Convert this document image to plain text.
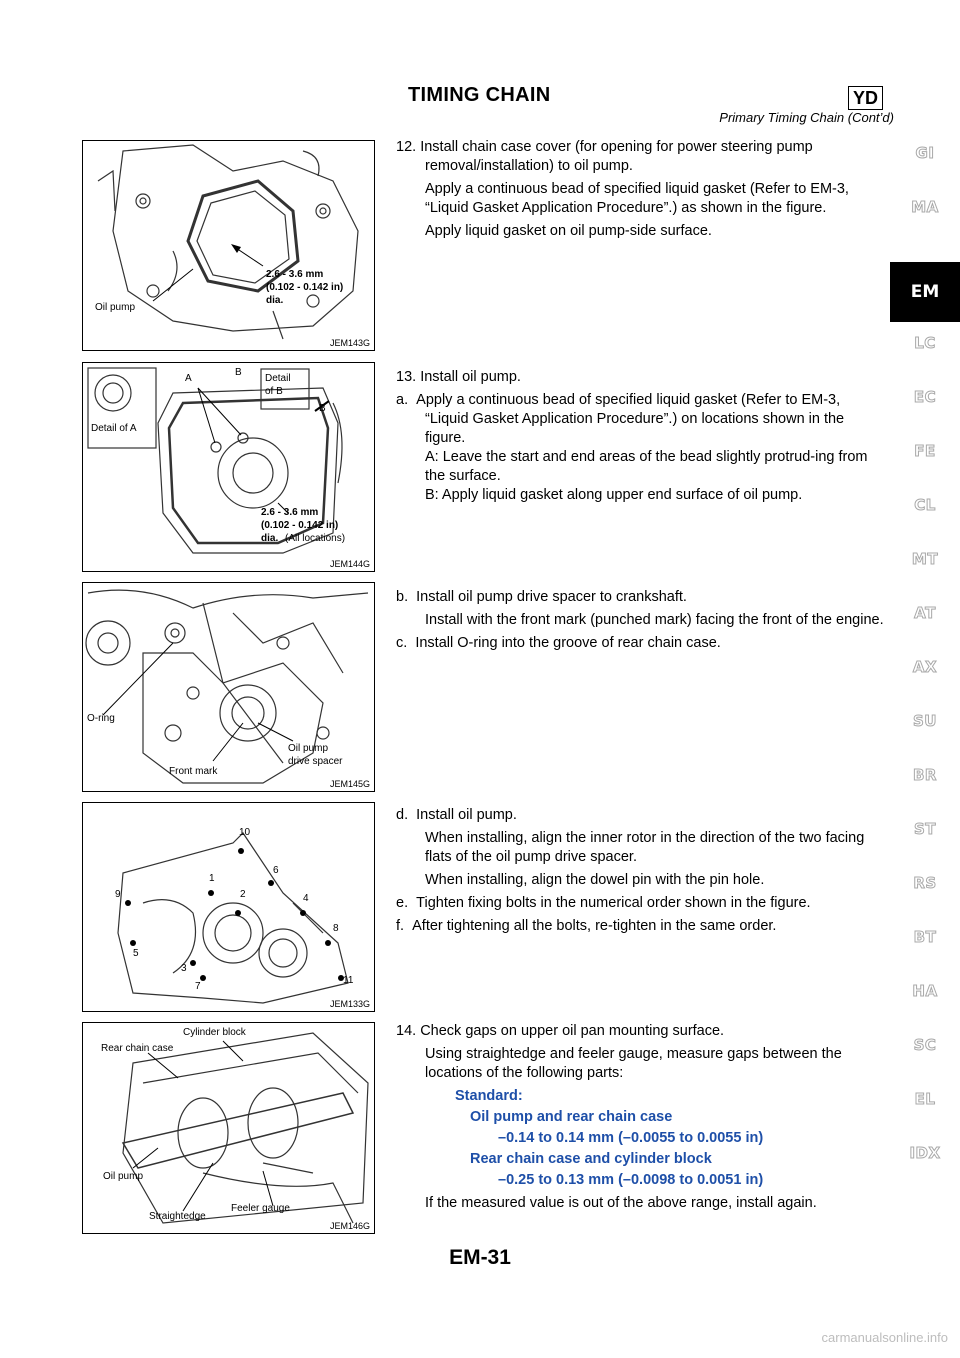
TIMING CHAIN	YD
Primary Timing Chain (Cont’d)
2.6 - 3.6 mm
(0.102 - 0.142 in)
dia.
Oil pump
JEM143G
A
B
Detail
of B
B
Detail of A
2.6 - 3.6 mm
(0.102 - 0.142 in)
dia. (All locations)
JEM144G
O-ring
Oil pump
drive spacer
Front mark
JEM145G
10
1
6
9	2	4
8
5
3
7
11
JEM133G
Cylinder block
Rear chain case
Oil pump
Straightedge
Feeler gauge
JEM146G

12. Install chain case cover (for opening for power steering pump removal/installation) to oil pump.

Apply a continuous bead of specified liquid gasket (Refer to EM-3, “Liquid Gasket Application Procedure”.) as shown in the figure.

Apply liquid gasket on oil pump-side surface.

13. Install oil pump.

a. Apply a continuous bead of specified liquid gasket (Refer to EM-3, “Liquid Gasket Application Procedure”.) on locations shown in the figure.

A: Leave the start and end areas of the bead slightly protrud-ing from the surface.

B: Apply liquid gasket along upper end surface of oil pump.

b. Install oil pump drive spacer to crankshaft.

Install with the front mark (punched mark) facing the front of the engine.

c. Install O-ring into the groove of rear chain case.

d. Install oil pump.

When installing, align the inner rotor in the direction of the two facing flats of the oil pump drive spacer.

When installing, align the dowel pin with the pin hole.

e. Tighten fixing bolts in the numerical order shown in the figure.

f. After tightening all the bolts, re-tighten in the same order.

14. Check gaps on upper oil pan mounting surface.

Using straightedge and feeler gauge, measure gaps between the locations of the following parts:

Standard:

Oil pump and rear chain case

–0.14 to 0.14 mm (–0.0055 to 0.0055 in)

Rear chain case and cylinder block

–0.25 to 0.13 mm (–0.0098 to 0.0051 in)

If the measured value is out of the above range, install again.

GI
MA
EM
LC
EC
FE
CL
MT
AT
AX
SU
BR
ST
RS
BT
HA
SC
EL
IDX
EM-31
carmanualsonline.info
